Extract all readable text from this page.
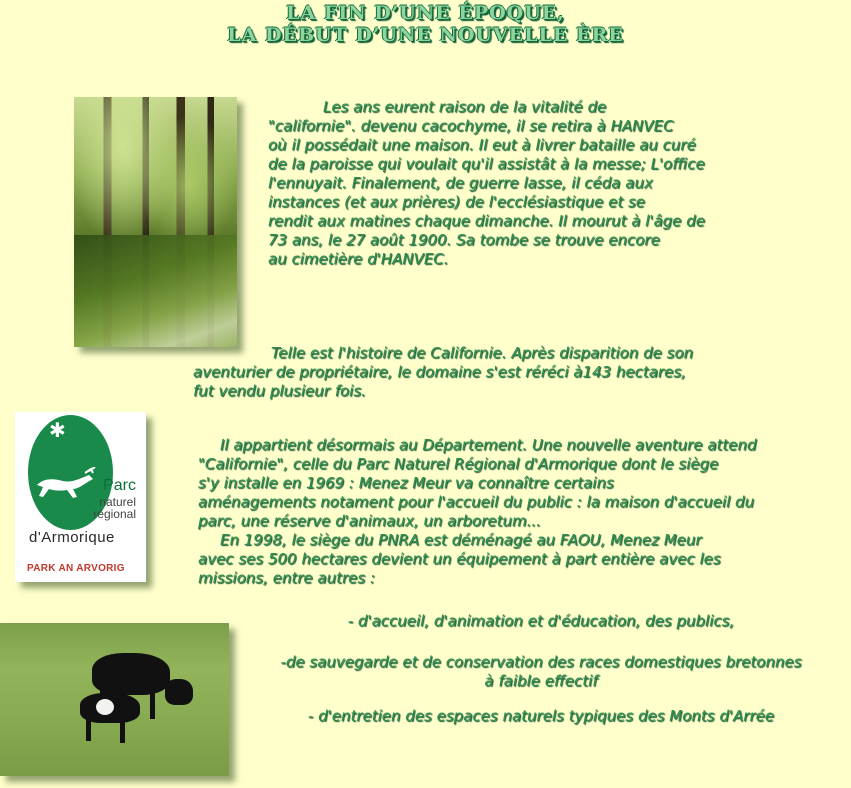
LA FIN D’UNE ÉPOQUE,
LA DÉBUT D’UNE NOUVELLE ÈRE
Les ans eurent raison de la vitalité de
"californie". devenu cacochyme, il se retira à HANVEC
où il possédait une maison. Il eut à livrer bataille au curé
de la paroisse qui voulait qu'il assistât à la messe; L'office
l'ennuyait. Finalement, de guerre lasse, il céda aux
instances (et aux prières) de l'ecclésiastique et se
rendit aux matines chaque dimanche. Il mourut à l'âge de
73 ans, le 27 août 1900. Sa tombe se trouve encore
au cimetière d'HANVEC.
Telle est l'histoire de Californie. Après disparition de son
aventurier de propriétaire, le domaine s'est réréci à143 hectares,
fut vendu plusieur fois.
✱
Parc
naturel
régional
d'Armorique
PARK AN ARVORIG
Il appartient désormais au Département. Une nouvelle aventure attend
"Californie", celle du Parc Naturel Régional d'Armorique dont le siège
s'y installe en 1969 : Menez Meur va connaître certains
aménagements notament pour l'accueil du public : la maison d'accueil du
parc, une réserve d'animaux, un arboretum...
En 1998, le siège du PNRA est déménagé au FAOU, Menez Meur
avec ses 500 hectares devient un équipement à part entière avec les
missions, entre autres :
- d'accueil, d'animation et d'éducation, des publics,
-de sauvegarde et de conservation des races domestiques bretonnes
à faible effectif
- d'entretien des espaces naturels typiques des Monts d'Arrée
